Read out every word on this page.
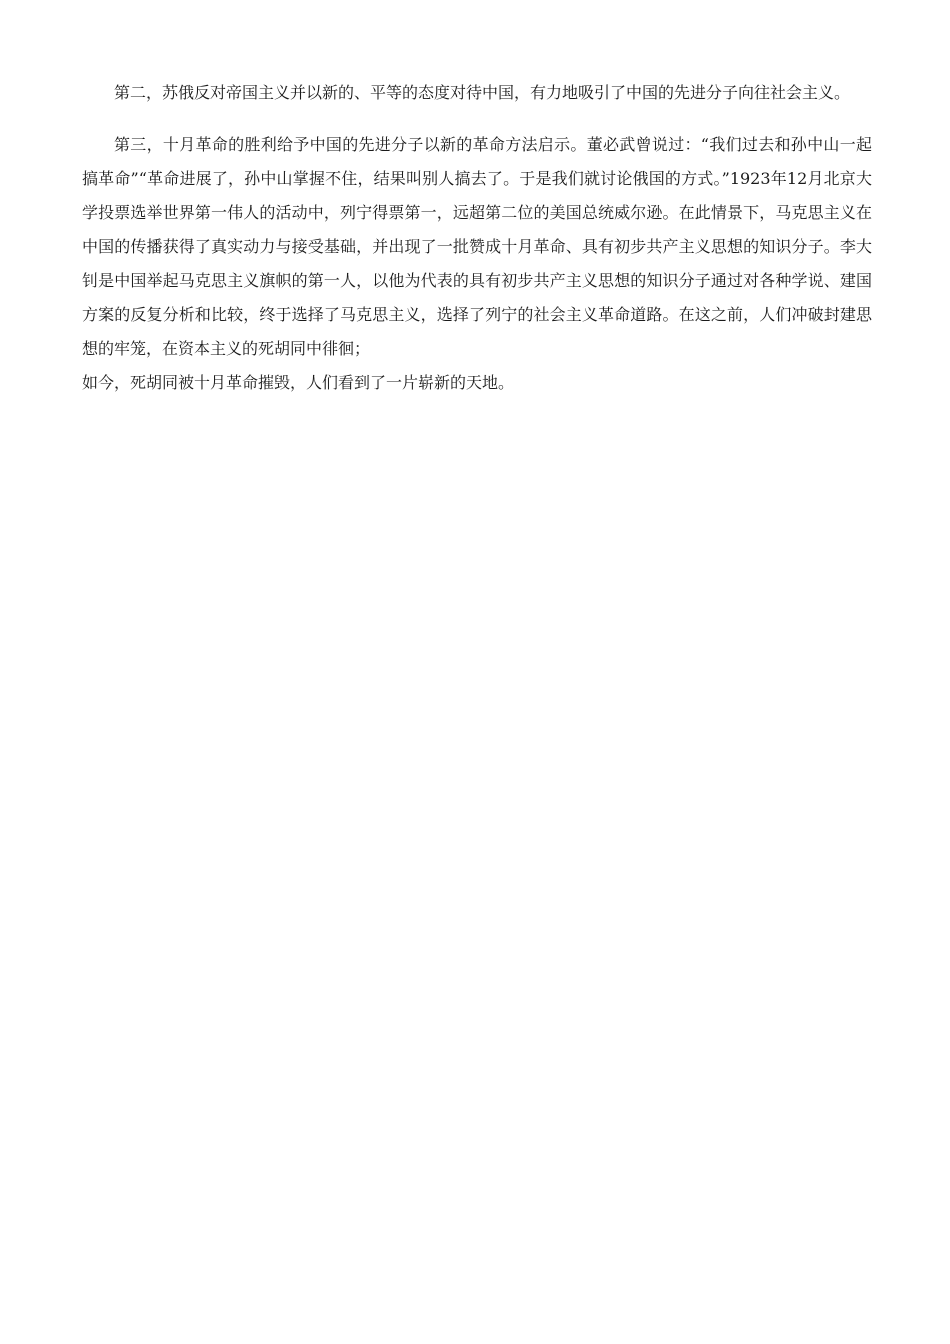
第二，苏俄反对帝国主义并以新的、平等的态度对待中国，有力地吸引了中国的先进分子向往社会主义。

第三，十月革命的胜利给予中国的先进分子以新的革命方法启示。董必武曾说过：“我们过去和孙中山一起搞革命”“革命进展了，孙中山掌握不住，结果叫别人搞去了。于是我们就讨论俄国的方式。”1923年12月北京大学投票选举世界第一伟人的活动中，列宁得票第一，远超第二位的美国总统威尔逊。在此情景下，马克思主义在中国的传播获得了真实动力与接受基础，并出现了一批赞成十月革命、具有初步共产主义思想的知识分子。李大钊是中国举起马克思主义旗帜的第一人，以他为代表的具有初步共产主义思想的知识分子通过对各种学说、建国方案的反复分析和比较，终于选择了马克思主义，选择了列宁的社会主义革命道路。在这之前，人们冲破封建思想的牢笼，在资本主义的死胡同中徘徊；

如今，死胡同被十月革命摧毁，人们看到了一片崭新的天地。
